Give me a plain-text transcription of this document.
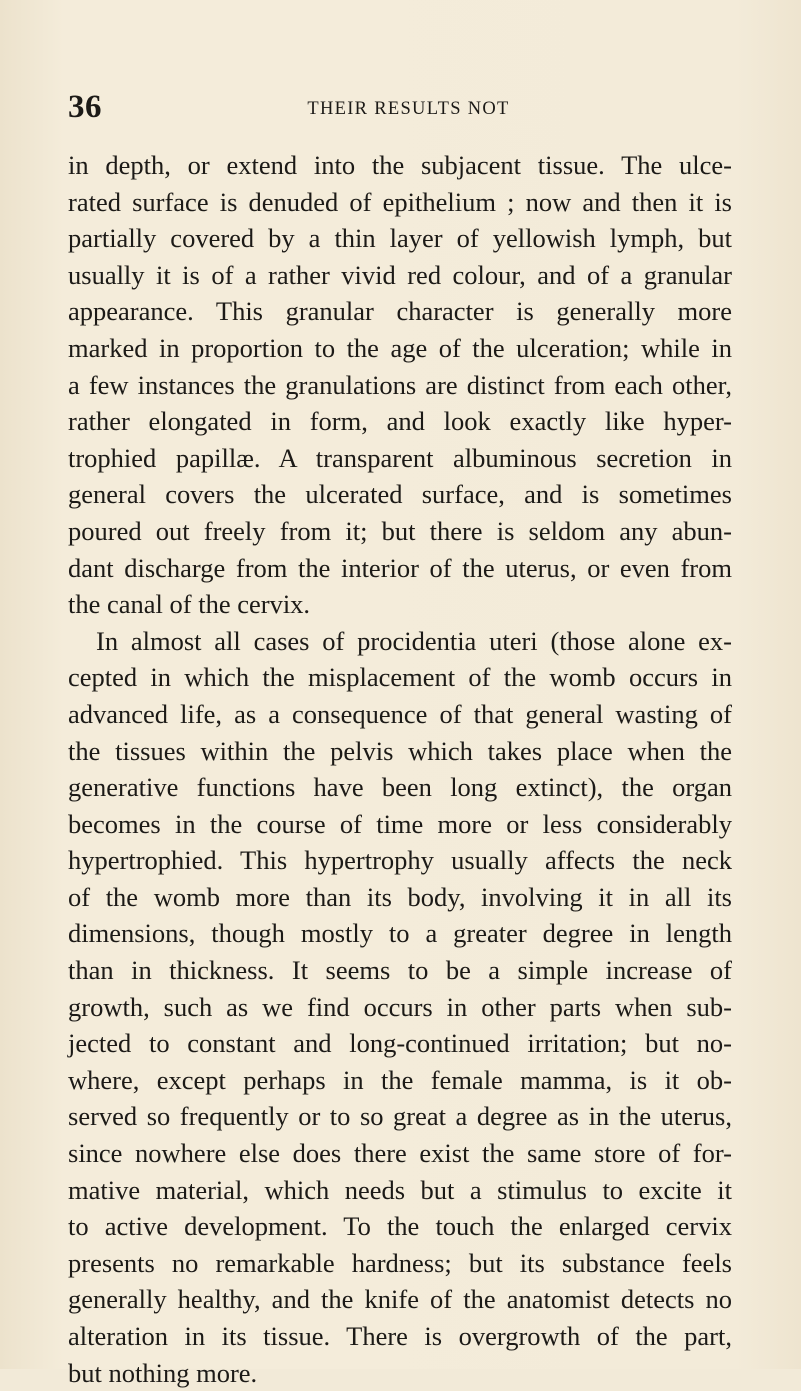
36	THEIR RESULTS NOT
in depth, or extend into the subjacent tissue. The ulce-
rated surface is denuded of epithelium ; now and then it is
partially covered by a thin layer of yellowish lymph, but
usually it is of a rather vivid red colour, and of a granular
appearance. This granular character is generally more
marked in proportion to the age of the ulceration; while in
a few instances the granulations are distinct from each other,
rather elongated in form, and look exactly like hyper-
trophied papillæ. A transparent albuminous secretion in
general covers the ulcerated surface, and is sometimes
poured out freely from it; but there is seldom any abun-
dant discharge from the interior of the uterus, or even from
the canal of the cervix.
In almost all cases of procidentia uteri (those alone ex-
cepted in which the misplacement of the womb occurs in
advanced life, as a consequence of that general wasting of
the tissues within the pelvis which takes place when the
generative functions have been long extinct), the organ
becomes in the course of time more or less considerably
hypertrophied. This hypertrophy usually affects the neck
of the womb more than its body, involving it in all its
dimensions, though mostly to a greater degree in length
than in thickness. It seems to be a simple increase of
growth, such as we find occurs in other parts when sub-
jected to constant and long-continued irritation; but no-
where, except perhaps in the female mamma, is it ob-
served so frequently or to so great a degree as in the uterus,
since nowhere else does there exist the same store of for-
mative material, which needs but a stimulus to excite it
to active development. To the touch the enlarged cervix
presents no remarkable hardness; but its substance feels
generally healthy, and the knife of the anatomist detects no
alteration in its tissue. There is overgrowth of the part,
but nothing more.
